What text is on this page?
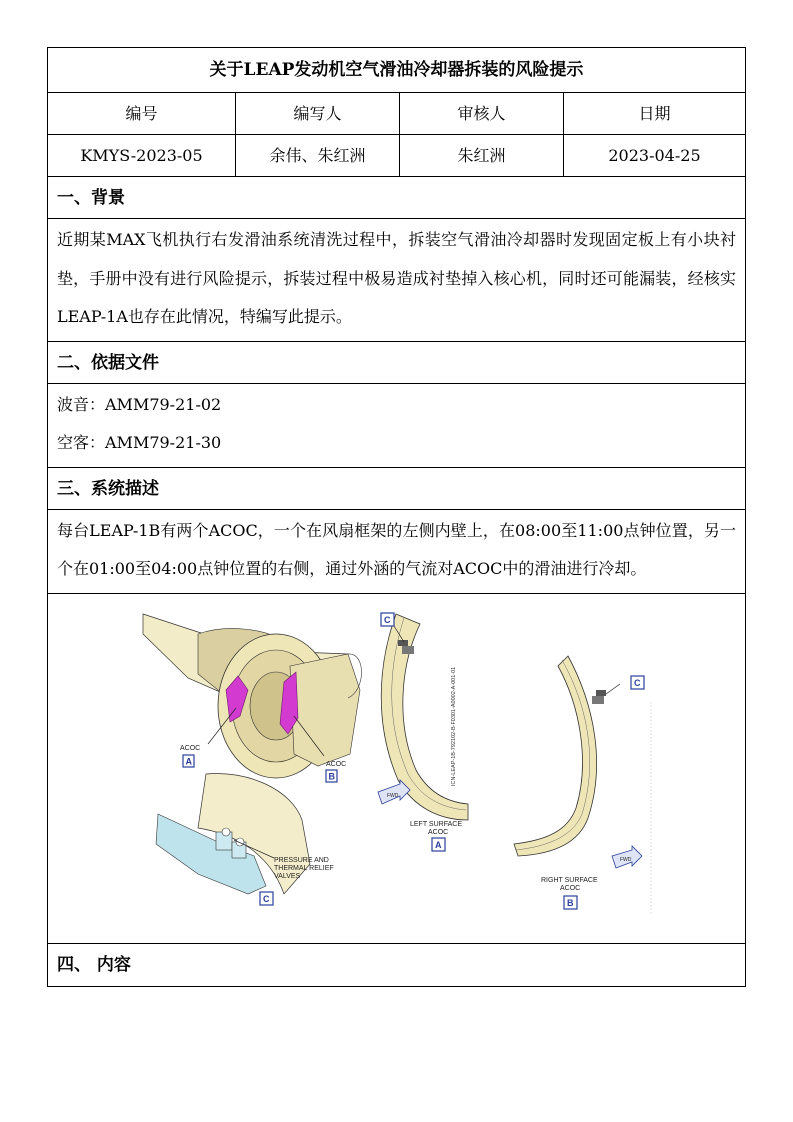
关于LEAP发动机空气滑油冷却器拆装的风险提示
编号	编写人	审核人	日期
KMYS-2023-05	余伟、朱红洲	朱红洲	2023-04-25
一、背景
近期某MAX飞机执行右发滑油系统清洗过程中，拆装空气滑油冷却器时发现固定板上有小块衬垫，手册中没有进行风险提示，拆装过程中极易造成衬垫掉入核心机，同时还可能漏装，经核实LEAP-1A也存在此情况，特编写此提示。
二、依据文件
波音：AMM79-21-02
空客：AMM79-21-30
三、系统描述
每台LEAP-1B有两个ACOC，一个在风扇框架的左侧内壁上，在08:00至11:00点钟位置，另一个在01:00至04:00点钟位置的右侧，通过外涵的气流对ACOC中的滑油进行冷却。
ACOC
A	ACOC
B
PRESSURE AND
THERMAL RELIEF
VALVES
C
C
ICN-LEAP-1B-792102-B-F0301-A0002-A-001-01
FWD
LEFT SURFACE
ACOC
A
C
FWD
RIGHT SURFACE
ACOC
B
四、 内容
